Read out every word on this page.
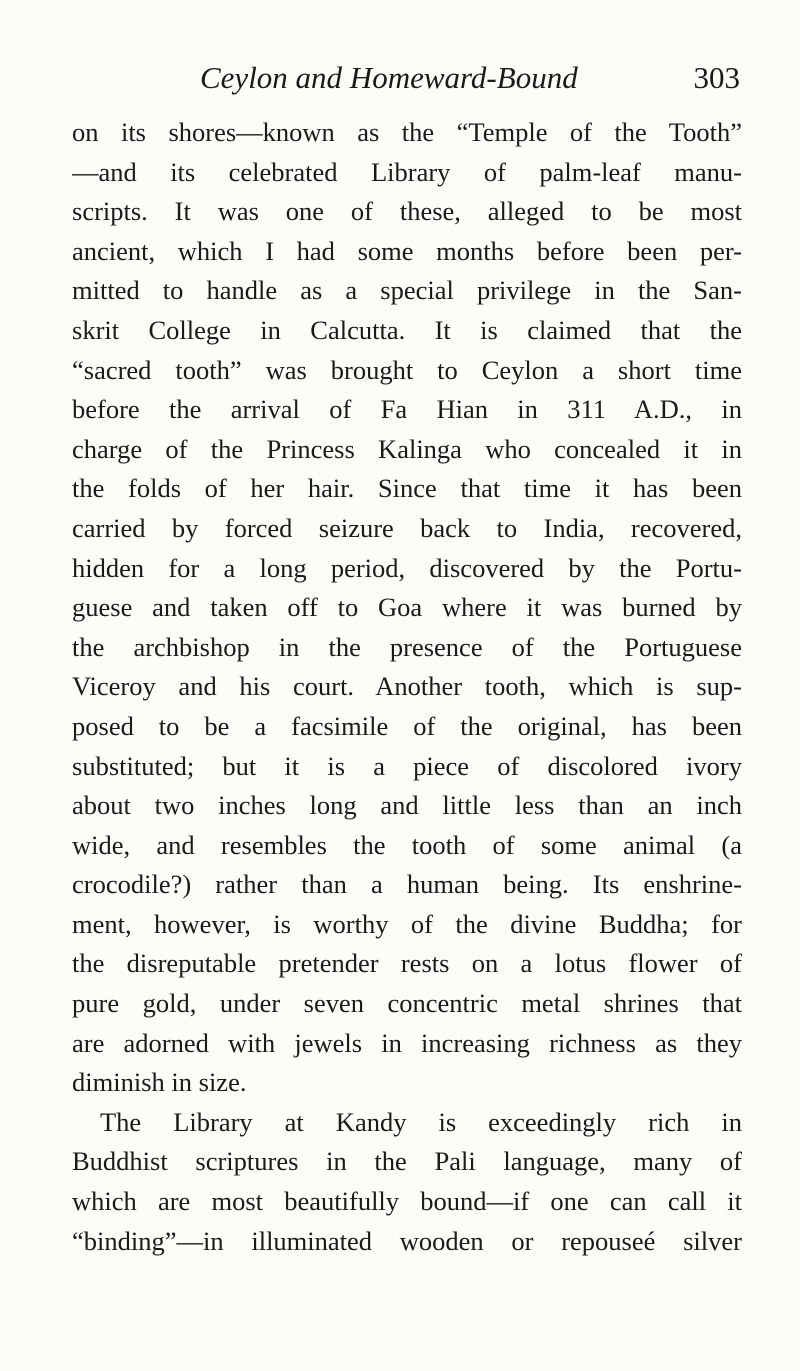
Ceylon and Homeward-Bound	303
on its shores—known as the “Temple of the Tooth”
—and its celebrated Library of palm-leaf manu-
scripts. It was one of these, alleged to be most
ancient, which I had some months before been per-
mitted to handle as a special privilege in the San-
skrit College in Calcutta. It is claimed that the
“sacred tooth” was brought to Ceylon a short time
before the arrival of Fa Hian in 311 A.D., in
charge of the Princess Kalinga who concealed it in
the folds of her hair. Since that time it has been
carried by forced seizure back to India, recovered,
hidden for a long period, discovered by the Portu-
guese and taken off to Goa where it was burned by
the archbishop in the presence of the Portuguese
Viceroy and his court. Another tooth, which is sup-
posed to be a facsimile of the original, has been
substituted; but it is a piece of discolored ivory
about two inches long and little less than an inch
wide, and resembles the tooth of some animal (a
crocodile?) rather than a human being. Its enshrine-
ment, however, is worthy of the divine Buddha; for
the disreputable pretender rests on a lotus flower of
pure gold, under seven concentric metal shrines that
are adorned with jewels in increasing richness as they
diminish in size.
The Library at Kandy is exceedingly rich in
Buddhist scriptures in the Pali language, many of
which are most beautifully bound—if one can call it
“binding”—in illuminated wooden or repouseé silver
